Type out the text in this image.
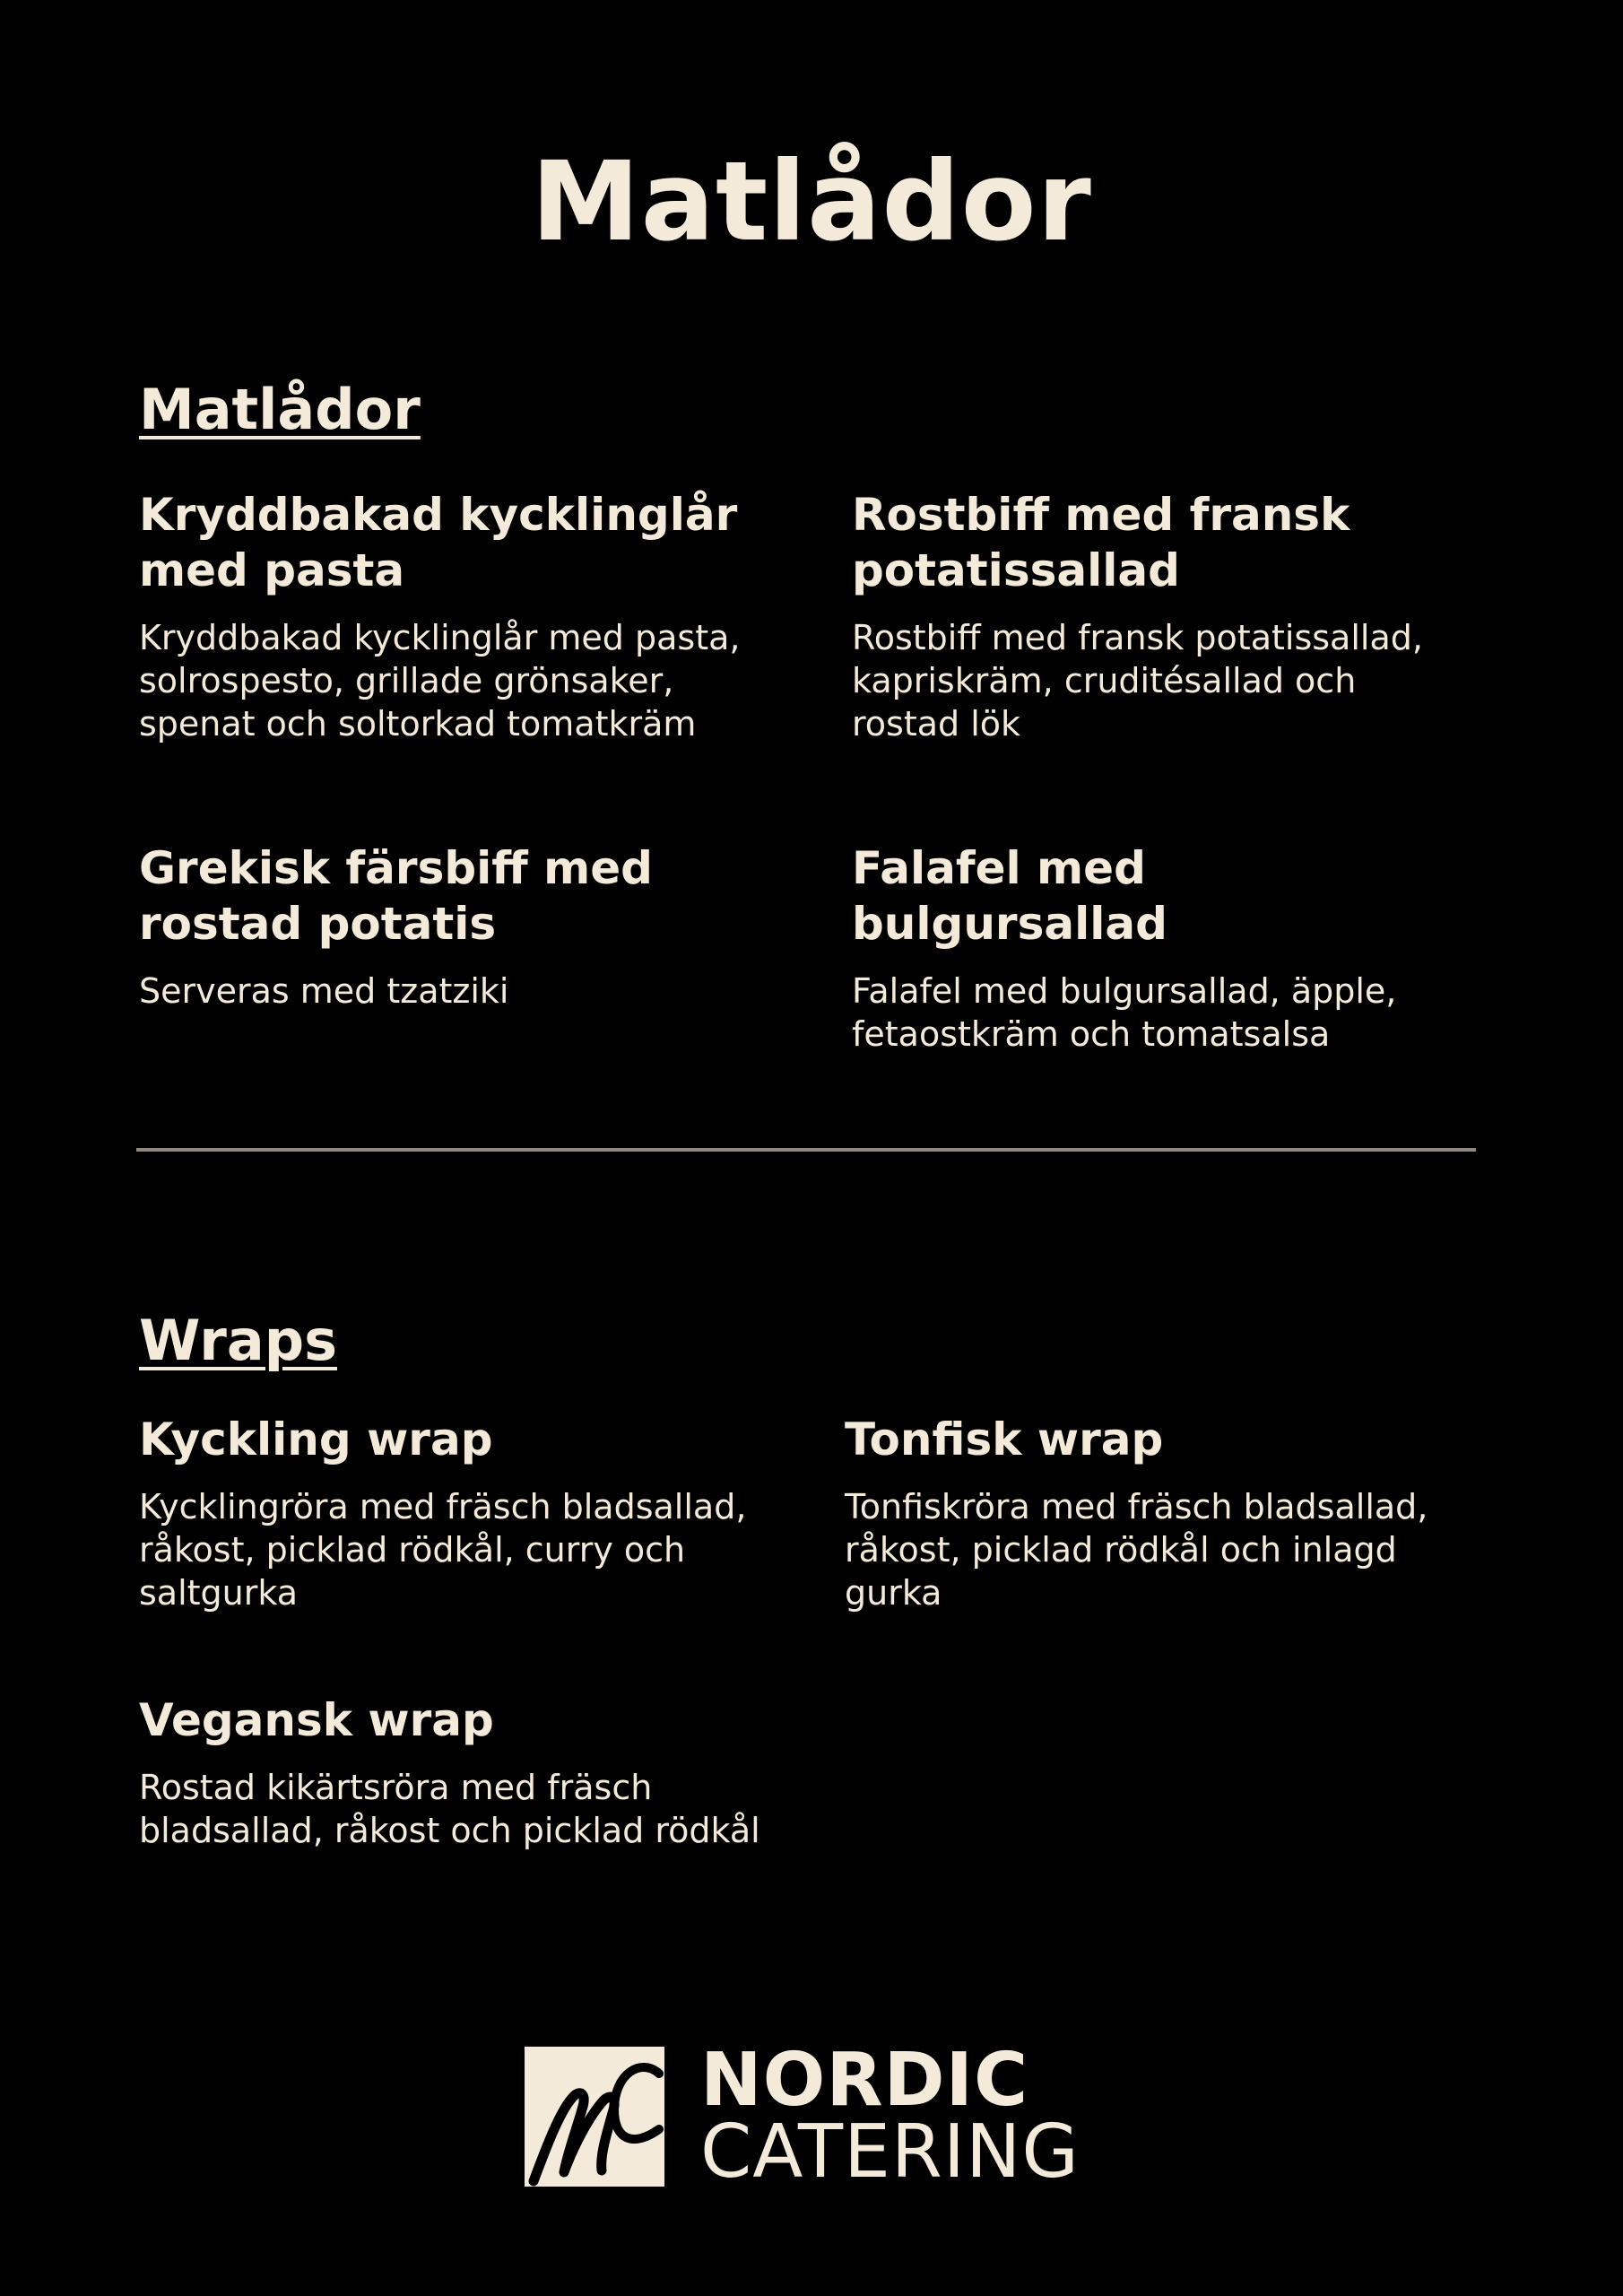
Matlådor
Matlådor
Kryddbakad kycklinglår med pasta

Kryddbakad kycklinglår med pasta, solrospesto, grillade grönsaker, spenat och soltorkad tomatkräm

Rostbiff med fransk potatissallad

Rostbiff med fransk potatissallad, kapriskräm, cruditésallad och rostad lök

Grekisk färsbiff med rostad potatis

Serveras med tzatziki

Falafel med bulgursallad

Falafel med bulgursallad, äpple, fetaostkräm och tomatsalsa

Wraps
Kyckling wrap

Kycklingröra med fräsch bladsallad, råkost, picklad rödkål, curry och saltgurka

Tonfisk wrap

Tonfiskröra med fräsch bladsallad, råkost, picklad rödkål och inlagd gurka

Vegansk wrap

Rostad kikärtsröra med fräsch bladsallad, råkost och picklad rödkål

NORDIC
CATERING
